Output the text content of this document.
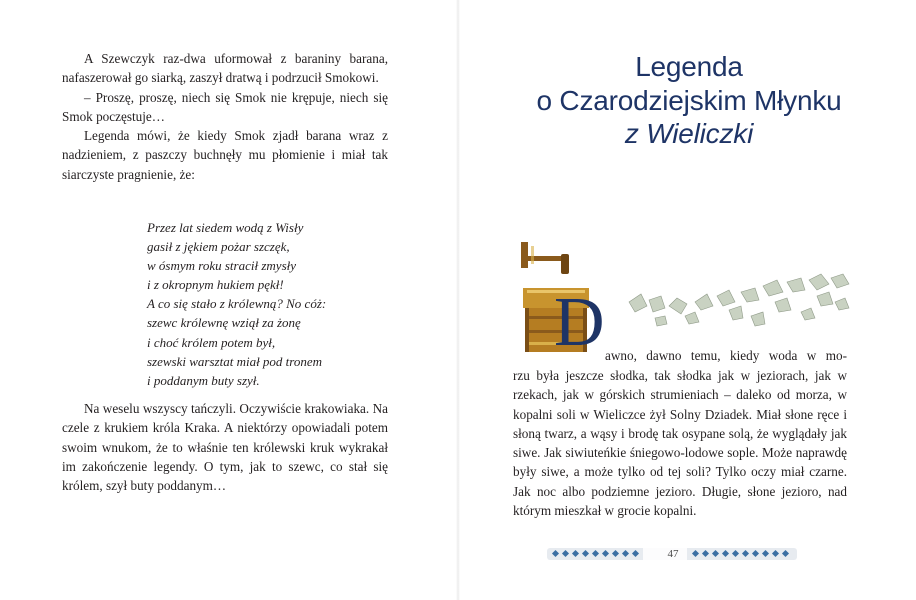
A Szewczyk raz-dwa uformował z baraniny barana, nafaszerował go siarką, zaszył dratwą i podrzucił Smokowi.

– Proszę, proszę, niech się Smok nie krępuje, niech się Smok poczęstuje…

Legenda mówi, że kiedy Smok zjadł barana wraz z nadzieniem, z paszczy buchnęły mu płomienie i miał tak siarczyste pragnienie, że:

Przez lat siedem wodą z Wisły
gasił z jękiem pożar szczęk,
w ósmym roku stracił zmysły
i z okropnym hukiem pękł!
A co się stało z królewną? No cóż:
szewc królewnę wziął za żonę
i choć królem potem był,
szewski warsztat miał pod tronem
i poddanym buty szył.

Na weselu wszyscy tańczyli. Oczywiście krakowiaka. Na czele z krukiem króla Kraka. A niektórzy opowiadali potem swoim wnukom, że to właśnie ten królewski kruk wykrakał im zakończenie legendy. O tym, jak to szewc, co stał się królem, szył buty poddanym…

Legenda
o Czarodziejskim Młynku
z Wieliczki
D awno, dawno temu, kiedy woda w mo-

rzu była jeszcze słodka, tak słodka jak w jeziorach, jak w rzekach, jak w górskich strumieniach – daleko od morza, w kopalni soli w Wieliczce żył Solny Dziadek. Miał słone ręce i słoną twarz, a wąsy i brodę tak osypane solą, że wyglądały jak siwe. Jak siwiuteńkie śniegowo-lodowe sople. Może naprawdę były siwe, a może tylko od tej soli? Tylko oczy miał czarne. Jak noc albo podziemne jezioro. Długie, słone jezioro, nad którym mieszkał w grocie kopalni.

47
